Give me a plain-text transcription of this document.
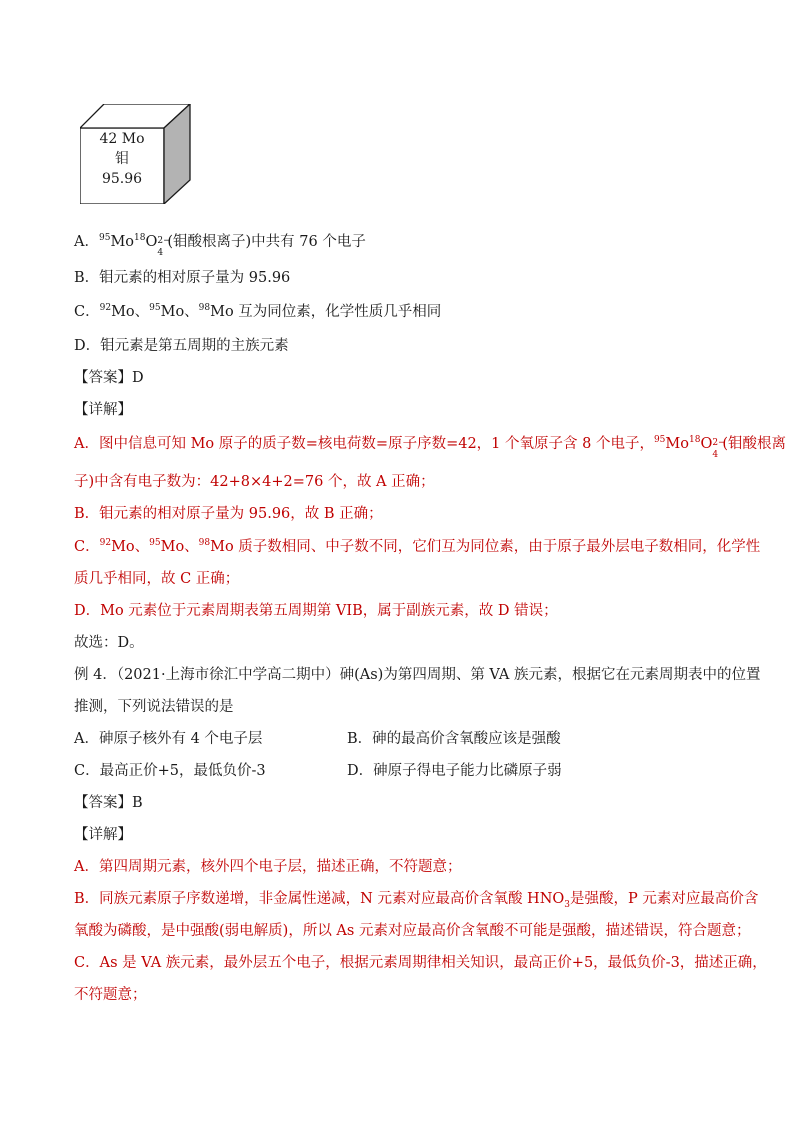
42 Mo
钼
95.96
A．$^{95}$Mo$^{18}$O 2−
4
(钼酸根离子)中共有 76 个电子
B．钼元素的相对原子量为 95.96
C．$^{92}$Mo、$^{95}$Mo、$^{98}$Mo 互为同位素，化学性质几乎相同
D．钼元素是第五周期的主族元素
【答案】D
【详解】
A．图中信息可知 Mo 原子的质子数=核电荷数=原子序数=42，1 个氧原子含 8 个电子，$^{95}$Mo$^{18}$O 2−
4
(钼酸根离
子)中含有电子数为：42+8×4+2=76 个，故 A 正确；
B．钼元素的相对原子量为 95.96，故 B 正确；
C．$^{92}$Mo、$^{95}$Mo、$^{98}$Mo 质子数相同、中子数不同，它们互为同位素，由于原子最外层电子数相同，化学性
质几乎相同，故 C 正确；
D．Mo 元素位于元素周期表第五周期第 VIB，属于副族元素，故 D 错误；
故选：D。
例 4．（2021·上海市徐汇中学高二期中）砷(As)为第四周期、第 VA 族元素，根据它在元素周期表中的位置
推测，下列说法错误的是
A．砷原子核外有 4 个电子层	B．砷的最高价含氧酸应该是强酸
C．最高正价+5，最低负价-3	D．砷原子得电子能力比磷原子弱
【答案】B
【详解】
A．第四周期元素，核外四个电子层，描述正确，不符题意；
B．同族元素原子序数递增，非金属性递减，N 元素对应最高价含氧酸 $HNO_3$是强酸，P 元素对应最高价含
氧酸为磷酸，是中强酸(弱电解质)，所以 As 元素对应最高价含氧酸不可能是强酸，描述错误，符合题意；
C．As 是 VA 族元素，最外层五个电子，根据元素周期律相关知识，最高正价+5，最低负价-3，描述正确，
不符题意；
